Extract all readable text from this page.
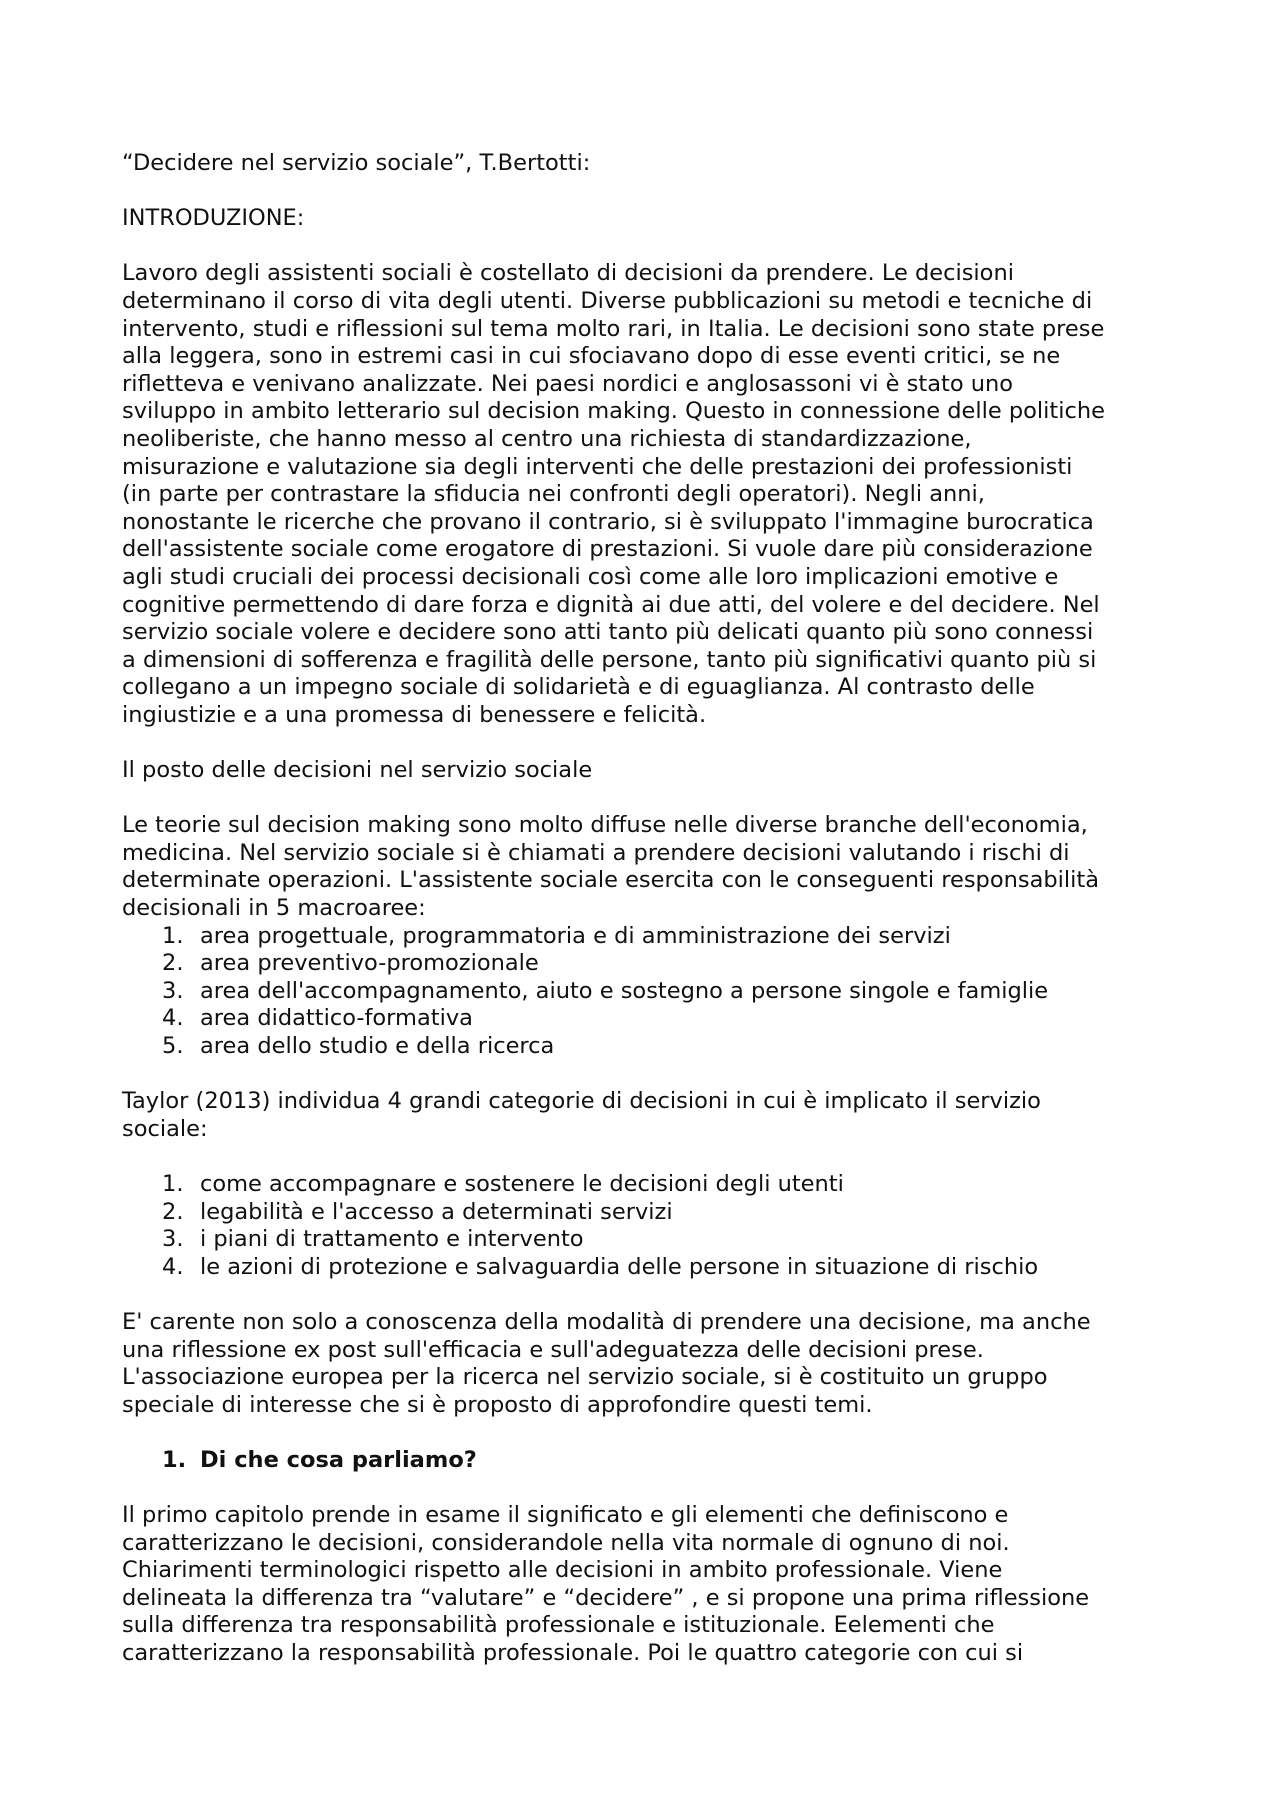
“Decidere nel servizio sociale”, T.Bertotti:

INTRODUZIONE:

Lavoro degli assistenti sociali è costellato di decisioni da prendere. Le decisioni

determinano il corso di vita degli utenti. Diverse pubblicazioni su metodi e tecniche di

intervento, studi e riflessioni sul tema molto rari, in Italia. Le decisioni sono state prese

alla leggera, sono in estremi casi in cui sfociavano dopo di esse eventi critici, se ne

rifletteva e venivano analizzate. Nei paesi nordici e anglosassoni vi è stato uno

sviluppo in ambito letterario sul decision making. Questo in connessione delle politiche

neoliberiste, che hanno messo al centro una richiesta di standardizzazione,

misurazione e valutazione sia degli interventi che delle prestazioni dei professionisti

(in parte per contrastare la sfiducia nei confronti degli operatori). Negli anni,

nonostante le ricerche che provano il contrario, si è sviluppato l'immagine burocratica

dell'assistente sociale come erogatore di prestazioni. Si vuole dare più considerazione

agli studi cruciali dei processi decisionali così come alle loro implicazioni emotive e

cognitive permettendo di dare forza e dignità ai due atti, del volere e del decidere. Nel

servizio sociale volere e decidere sono atti tanto più delicati quanto più sono connessi

a dimensioni di sofferenza e fragilità delle persone, tanto più significativi quanto più si

collegano a un impegno sociale di solidarietà e di eguaglianza. Al contrasto delle

ingiustizie e a una promessa di benessere e felicità.

Il posto delle decisioni nel servizio sociale

Le teorie sul decision making sono molto diffuse nelle diverse branche dell'economia,

medicina. Nel servizio sociale si è chiamati a prendere decisioni valutando i rischi di

determinate operazioni. L'assistente sociale esercita con le conseguenti responsabilità

decisionali in 5 macroaree:

1. area progettuale, programmatoria e di amministrazione dei servizi
2. area preventivo-promozionale
3. area dell'accompagnamento, aiuto e sostegno a persone singole e famiglie
4. area didattico-formativa
5. area dello studio e della ricerca

Taylor (2013) individua 4 grandi categorie di decisioni in cui è implicato il servizio

sociale:

1. come accompagnare e sostenere le decisioni degli utenti
2. legabilità e l'accesso a determinati servizi
3. i piani di trattamento e intervento
4. le azioni di protezione e salvaguardia delle persone in situazione di rischio

E' carente non solo a conoscenza della modalità di prendere una decisione, ma anche

una riflessione ex post sull'efficacia e sull'adeguatezza delle decisioni prese.

L'associazione europea per la ricerca nel servizio sociale, si è costituito un gruppo

speciale di interesse che si è proposto di approfondire questi temi.

1. Di che cosa parliamo?

Il primo capitolo prende in esame il significato e gli elementi che definiscono e

caratterizzano le decisioni, considerandole nella vita normale di ognuno di noi.

Chiarimenti terminologici rispetto alle decisioni in ambito professionale. Viene

delineata la differenza tra “valutare” e “decidere” , e si propone una prima riflessione

sulla differenza tra responsabilità professionale e istituzionale. Eelementi che

caratterizzano la responsabilità professionale. Poi le quattro categorie con cui si
